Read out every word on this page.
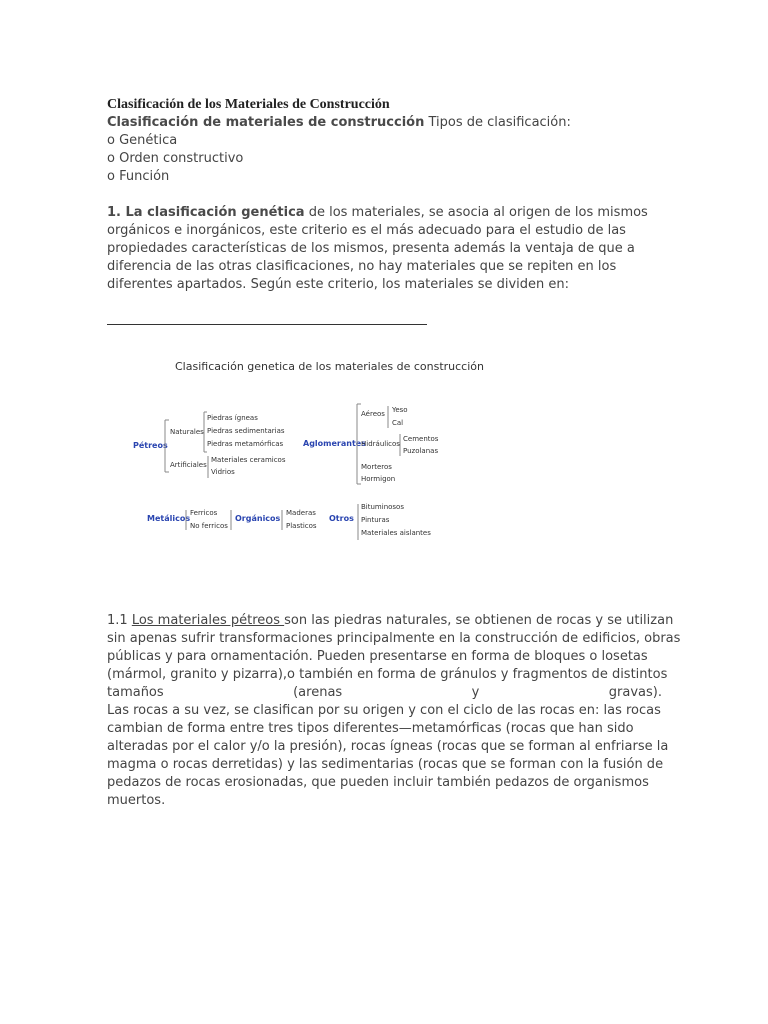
Clasificación de los Materiales de Construcción
Clasificación de materiales de construcción Tipos de clasificación:
o Genética
o Orden constructivo
o Función
1. La clasificación genética de los materiales, se asocia al origen de los mismos
orgánicos e inorgánicos, este criterio es el más adecuado para el estudio de las
propiedades características de los mismos, presenta además la ventaja de que a
diferencia de las otras clasificaciones, no hay materiales que se repiten en los
diferentes apartados. Según este criterio, los materiales se dividen en:
Clasificación genetica de los materiales de construcción
Pétreos
Naturales
Piedras ígneas
Piedras sedimentarias
Piedras metamórficas
Artificiales
Materiales ceramicos
Vidrios
Aglomerantes
Aéreos Yeso
Cal
Hidráulicos
Cementos
Puzolanas
Morteros
Hormigon
Metálicos
Ferricos
No ferricos
Orgánicos
Maderas
Plasticos
Otros
Bituminosos
Pinturas
Materiales aislantes
1.1 Los materiales pétreos son las piedras naturales, se obtienen de rocas y se utilizan
sin apenas sufrir transformaciones principalmente en la construcción de edificios, obras
públicas y para ornamentación. Pueden presentarse en forma de bloques o losetas
(mármol, granito y pizarra),o también en forma de gránulos y fragmentos de distintos
tamaños	(arenas	y	gravas).
Las rocas a su vez, se clasifican por su origen y con el ciclo de las rocas en: las rocas
cambian de forma entre tres tipos diferentes—metamórficas (rocas que han sido
alteradas por el calor y/o la presión), rocas ígneas (rocas que se forman al enfriarse la
magma o rocas derretidas) y las sedimentarias (rocas que se forman con la fusión de
pedazos de rocas erosionadas, que pueden incluir también pedazos de organismos
muertos.
